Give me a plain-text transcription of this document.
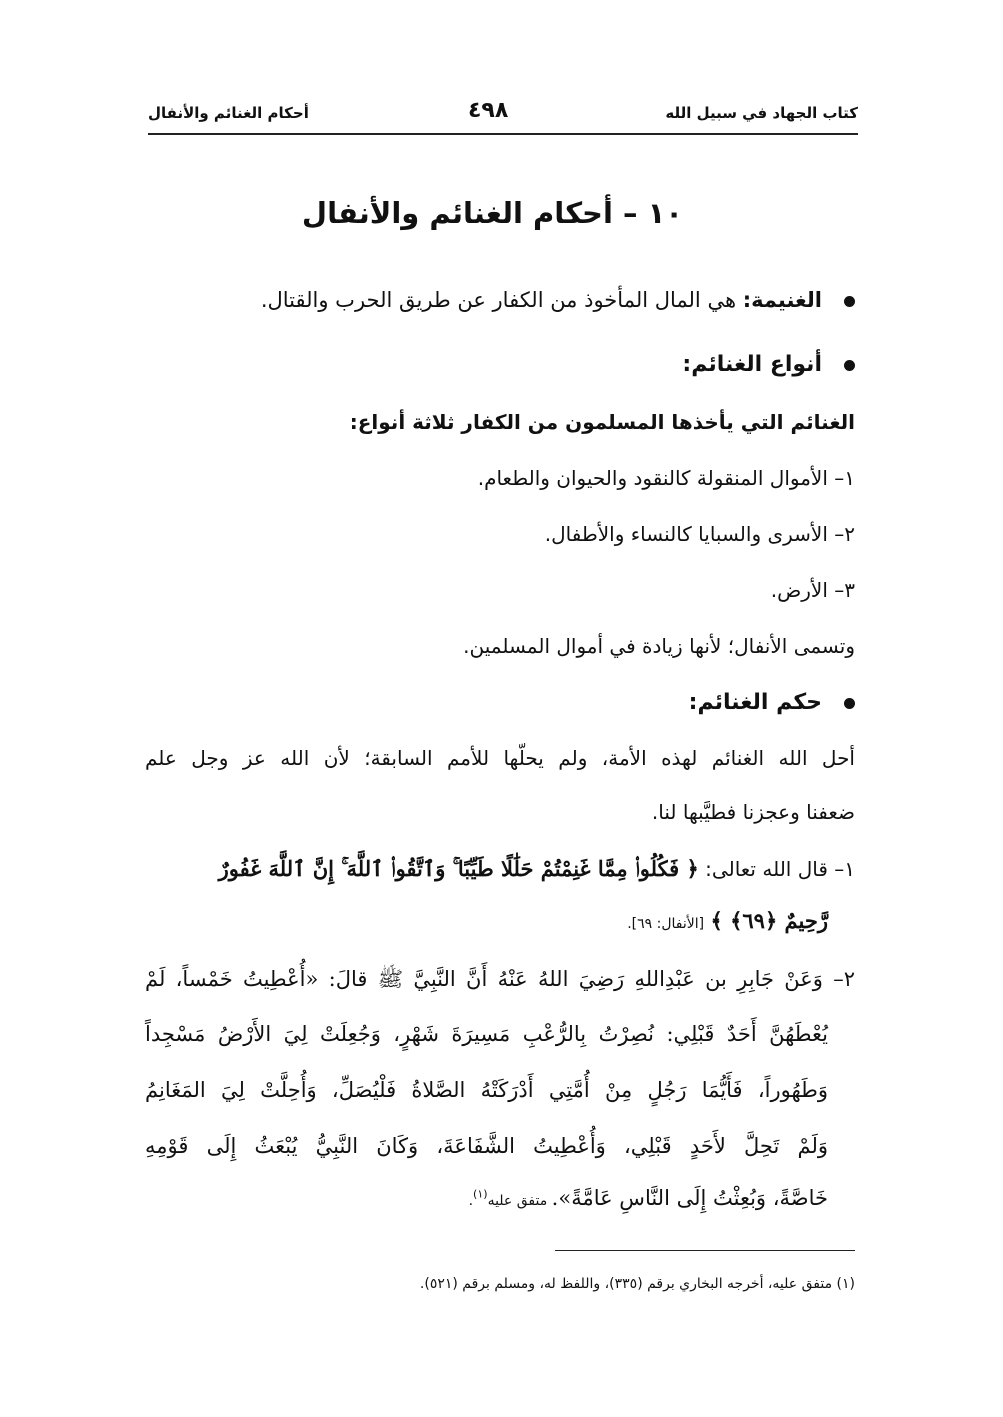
كتاب الجهاد في سبيل الله
٤٩٨
أحكام الغنائم والأنفال
١٠ – أحكام الغنائم والأنفال
الغنيمة: هي المال المأخوذ من الكفار عن طريق الحرب والقتال.
أنواع الغنائم:
الغنائم التي يأخذها المسلمون من الكفار ثلاثة أنواع:
١– الأموال المنقولة كالنقود والحيوان والطعام.
٢– الأسرى والسبايا كالنساء والأطفال.
٣– الأرض.
وتسمى الأنفال؛ لأنها زيادة في أموال المسلمين.
حكم الغنائم:
أحل الله الغنائم لهذه الأمة، ولم يحلّها للأمم السابقة؛ لأن الله عز وجل علم
ضعفنا وعجزنا فطيَّبها لنا.
١– قال الله تعالى: ﴿ فَكُلُوا۟ مِمَّا غَنِمْتُمْ حَلَٰلًا طَيِّبًا ۚ وَٱتَّقُوا۟ ٱللَّهَ ۚ إِنَّ ٱللَّهَ غَفُورٌ
رَّحِيمٌ ﴿٦٩﴾ ﴾ [الأنفال: ٦٩].
٢– وَعَنْ جَابِرِ بن عَبْدِاللهِ رَضِيَ اللهُ عَنْهُ أَنَّ النَّبِيَّ ﷺ قالَ: «أُعْطِيتُ خَمْساً، لَمْ
يُعْطَهُنَّ أَحَدٌ قَبْلِي: نُصِرْتُ بِالرُّعْبِ مَسِيرَةَ شَهْرٍ، وَجُعِلَتْ لِيَ الأَرْضُ مَسْجِداً
وَطَهُوراً، فَأَيُّمَا رَجُلٍ مِنْ أُمَّتِي أَدْرَكَتْهُ الصَّلاةُ فَلْيُصَلِّ، وَأُحِلَّتْ لِيَ المَغَانِمُ
وَلَمْ تَحِلَّ لأَحَدٍ قَبْلِي، وَأُعْطِيتُ الشَّفَاعَةَ، وَكَانَ النَّبِيُّ يُبْعَثُ إِلَى قَوْمِهِ
خَاصَّةً، وَبُعِثْتُ إِلَى النَّاسِ عَامَّةً». متفق عليه$^{(١)}$.
(١) متفق عليه، أخرجه البخاري برقم (٣٣٥)، واللفظ له، ومسلم برقم (٥٢١).
